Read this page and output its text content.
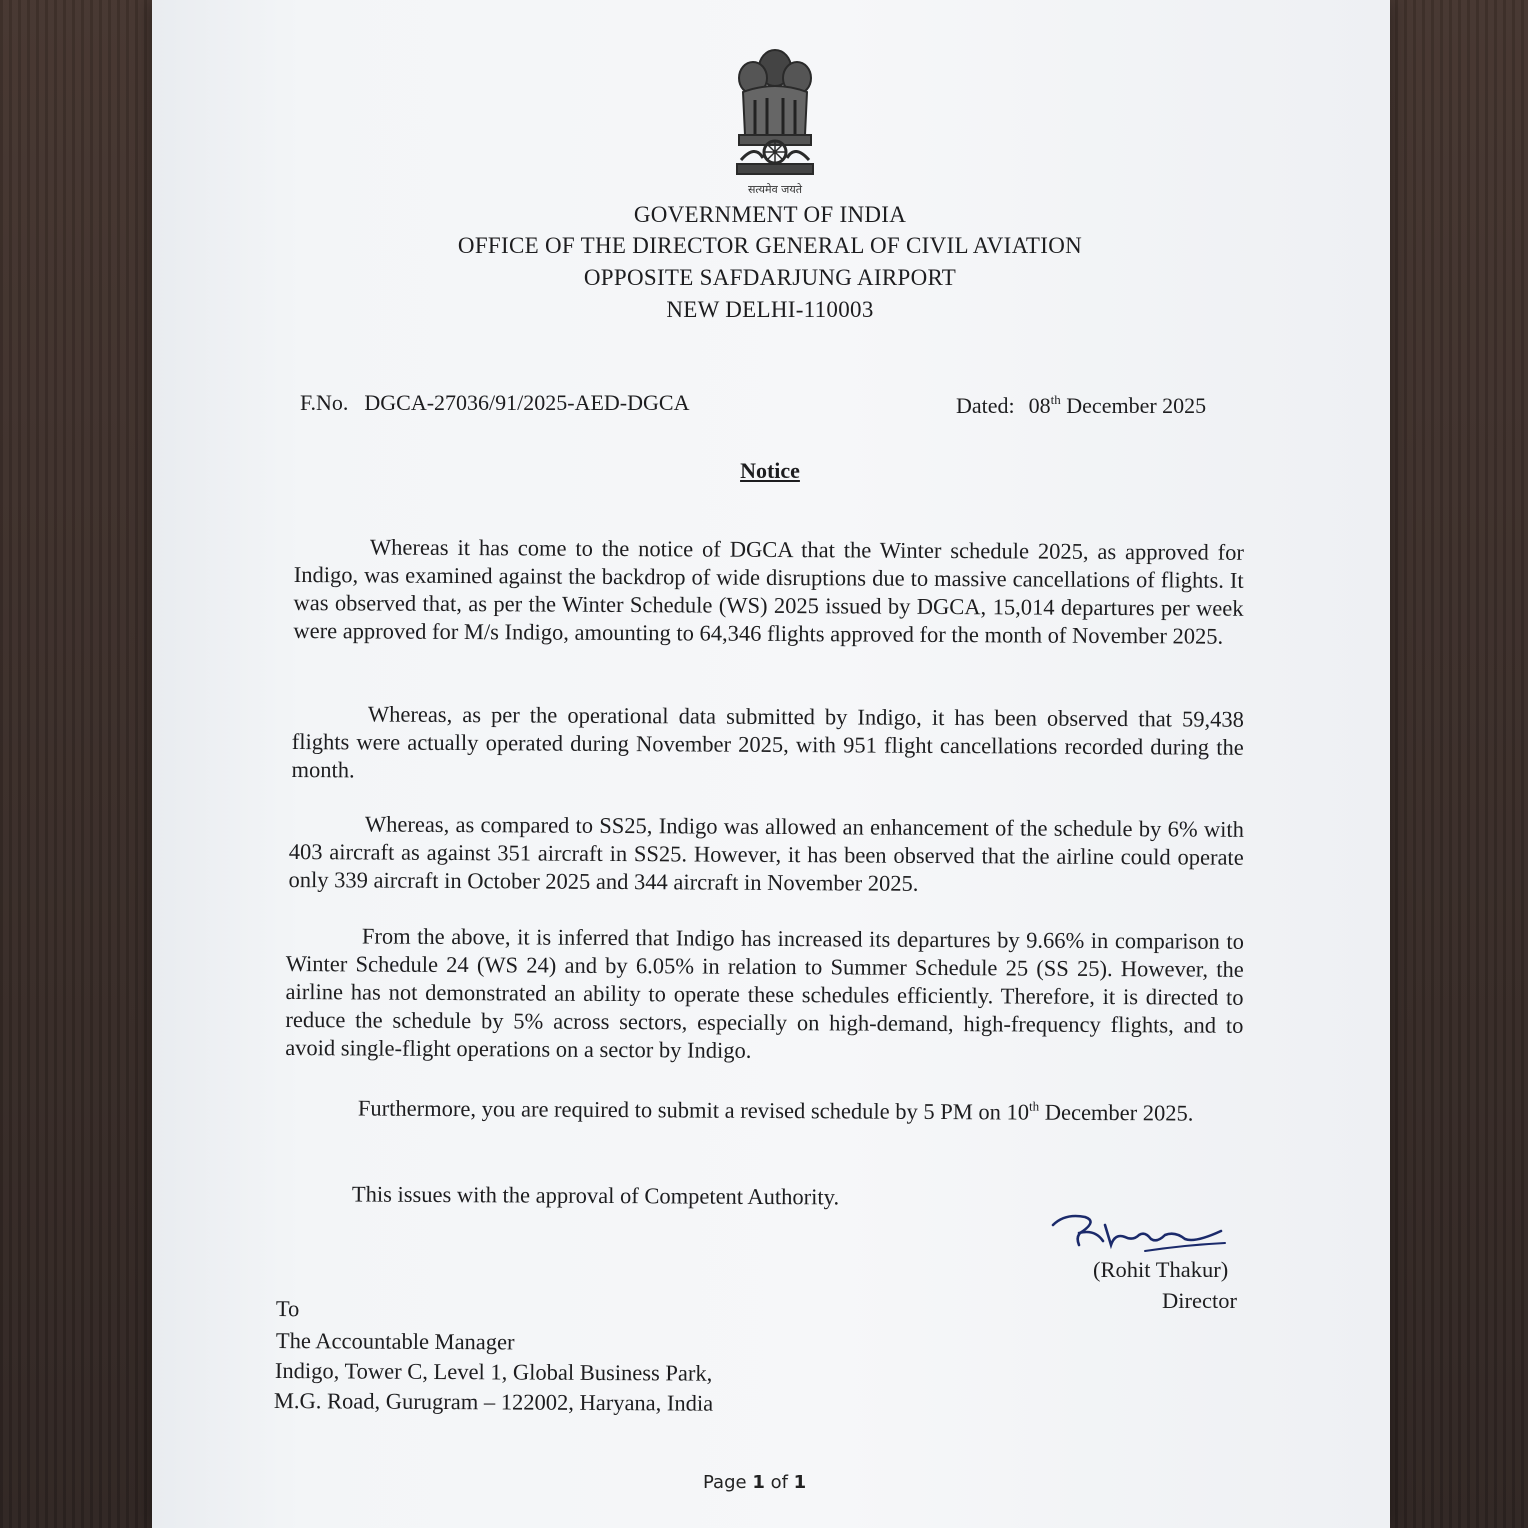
सत्यमेव जयते
GOVERNMENT OF INDIA
OFFICE OF THE DIRECTOR GENERAL OF CIVIL AVIATION
OPPOSITE SAFDARJUNG AIRPORT
NEW DELHI-110003
F.No. DGCA-27036/91/2025-AED-DGCA	Dated: 08th December 2025
Notice
Whereas it has come to the notice of DGCA that the Winter schedule 2025, as approved for Indigo, was examined against the backdrop of wide disruptions due to massive cancellations of flights. It was observed that, as per the Winter Schedule (WS) 2025 issued by DGCA, 15,014 departures per week were approved for M/s Indigo, amounting to 64,346 flights approved for the month of November 2025.
Whereas, as per the operational data submitted by Indigo, it has been observed that 59,438 flights were actually operated during November 2025, with 951 flight cancellations recorded during the month.
Whereas, as compared to SS25, Indigo was allowed an enhancement of the schedule by 6% with 403 aircraft as against 351 aircraft in SS25. However, it has been observed that the airline could operate only 339 aircraft in October 2025 and 344 aircraft in November 2025.
From the above, it is inferred that Indigo has increased its departures by 9.66% in comparison to Winter Schedule 24 (WS 24) and by 6.05% in relation to Summer Schedule 25 (SS 25). However, the airline has not demonstrated an ability to operate these schedules efficiently. Therefore, it is directed to reduce the schedule by 5% across sectors, especially on high-demand, high-frequency flights, and to avoid single-flight operations on a sector by Indigo.
Furthermore, you are required to submit a revised schedule by 5 PM on 10th December 2025.
This issues with the approval of Competent Authority.
(Rohit Thakur)
Director
To
The Accountable Manager
Indigo, Tower C, Level 1, Global Business Park,
M.G. Road, Gurugram – 122002, Haryana, India
Page 1 of 1
